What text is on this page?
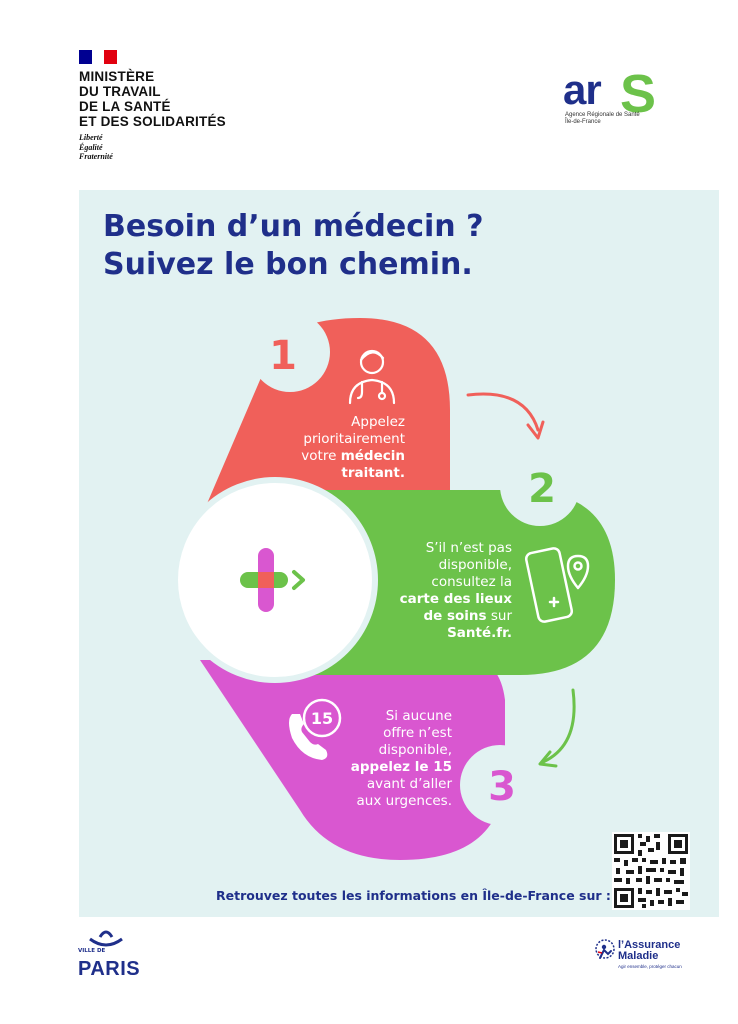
MINISTÈRE
DU TRAVAIL
DE LA SANTÉ
ET DES SOLIDARITÉS
Liberté
Égalité
Fraternité
ar S
Agence Régionale de Santé
Île-de-France
Besoin d’un médecin ?
Suivez le bon chemin.
15
1
2
3
Appelez
prioritairement
votre médecin
traitant.
S’il n’est pas
disponible,
consultez la
carte des lieux
de soins sur
Santé.fr.
Si aucune
offre n’est
disponible,
appelez le 15
avant d’aller
aux urgences.
Retrouvez toutes les informations en Île-de-France sur :
VILLE DE
PARIS
l’Assurance
Maladie
Agir ensemble, protéger chacun
